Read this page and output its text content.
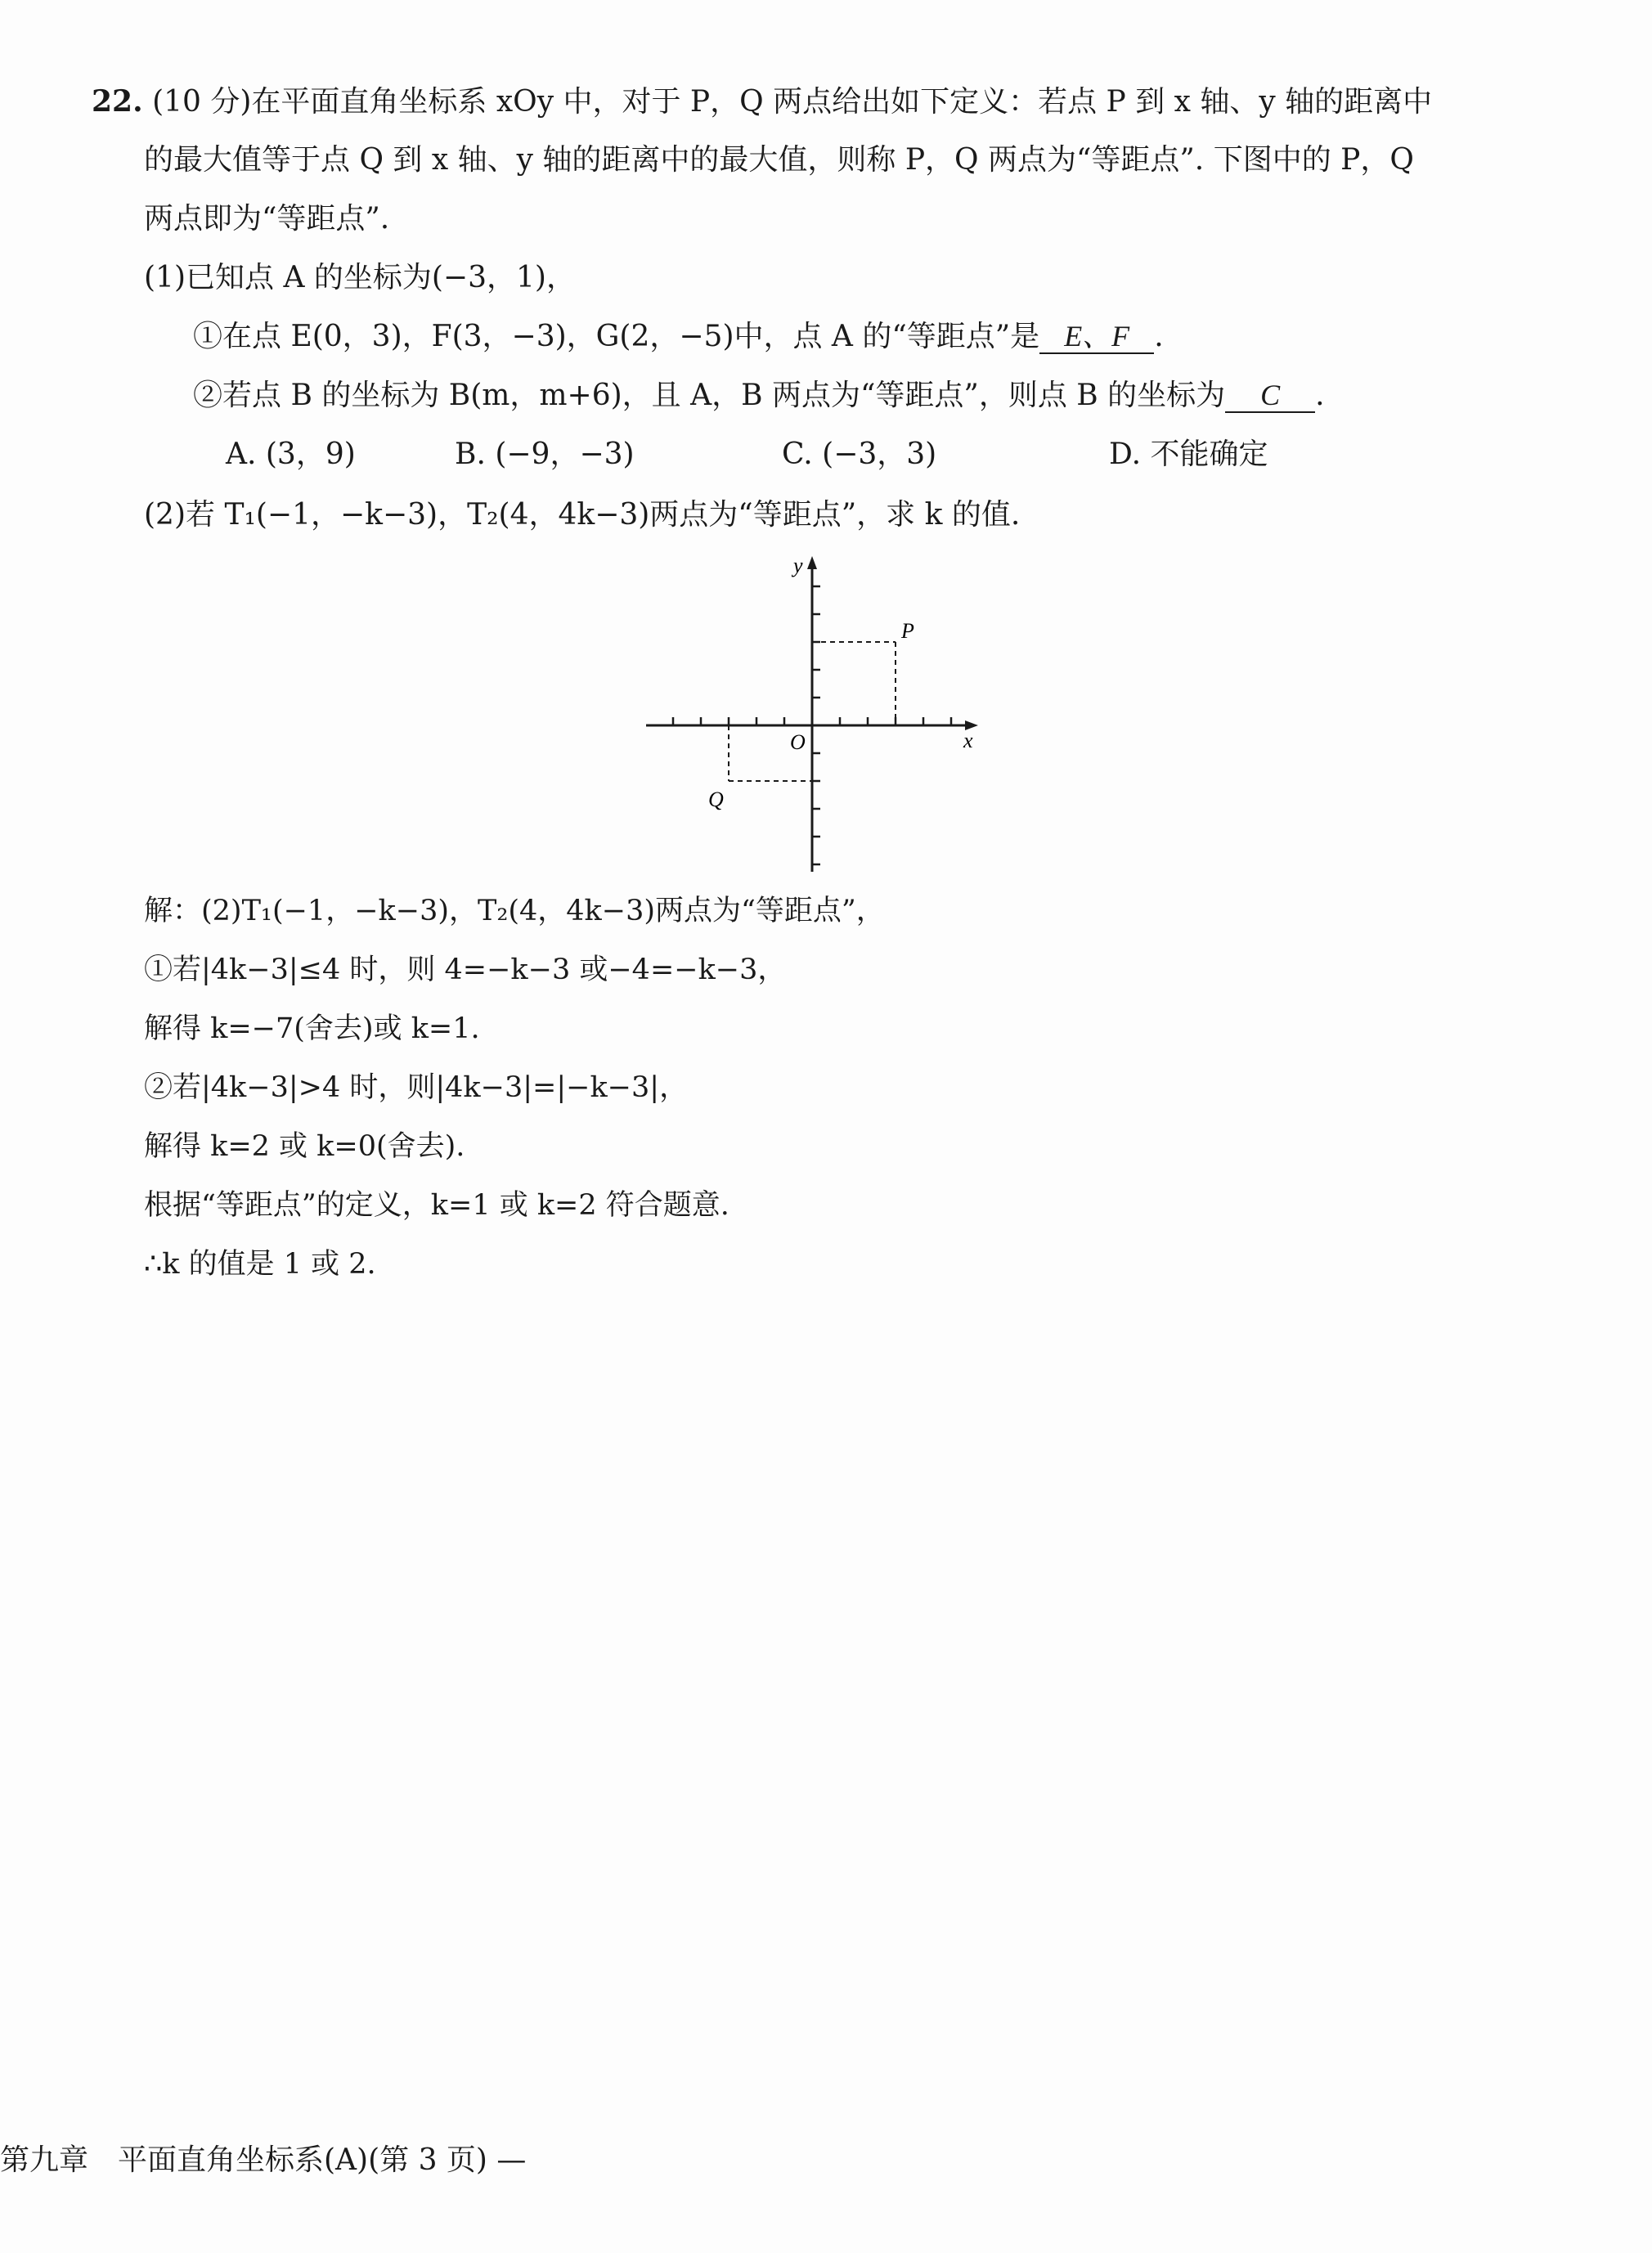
22. (10 分)在平面直角坐标系 xOy 中，对于 P，Q 两点给出如下定义：若点 P 到 x 轴、y 轴的距离中
的最大值等于点 Q 到 x 轴、y 轴的距离中的最大值，则称 P，Q 两点为“等距点”. 下图中的 P，Q
两点即为“等距点”.
(1)已知点 A 的坐标为(−3，1)，
①在点 E(0，3)，F(3，−3)，G(2，−5)中，点 A 的“等距点”是 E、F .
②若点 B 的坐标为 B(m，m+6)，且 A，B 两点为“等距点”，则点 B 的坐标为 C .
A. (3，9)	B. (−9，−3)	C. (−3，3)	D. 不能确定
(2)若 T₁(−1，−k−3)，T₂(4，4k−3)两点为“等距点”，求 k 的值.
y
x
O
P
Q
解：(2)T₁(−1，−k−3)，T₂(4，4k−3)两点为“等距点”，
①若|4k−3|≤4 时，则 4=−k−3 或−4=−k−3，
解得 k=−7(舍去)或 k=1.
②若|4k−3|>4 时，则|4k−3|=|−k−3|，
解得 k=2 或 k=0(舍去).
根据“等距点”的定义，k=1 或 k=2 符合题意.
∴k 的值是 1 或 2.
第九章　平面直角坐标系(A)(第 3 页) —
